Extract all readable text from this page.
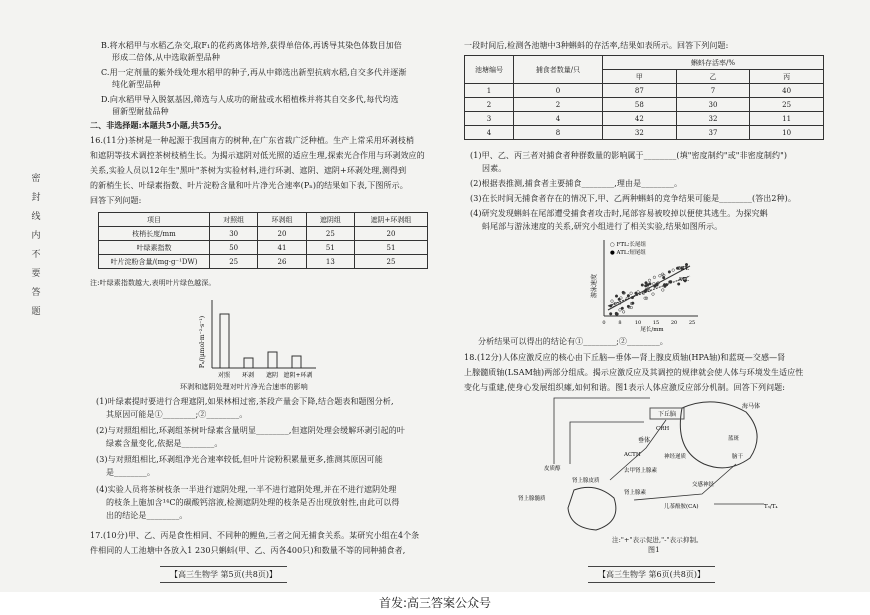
B.将水稻甲与水稻乙杂交,取F₁的花药离体培养,获得单倍体,再诱导其染色体数目加倍
形成二倍体,从中选取新型品种
C.用一定剂量的紫外线处理水稻甲的种子,再从中筛选出新型抗病水稻,自交多代并逐渐
纯化新型品种
D.向水稻甲导入脱氨基因,筛选与人成功的耐盐或水稻植株并将其自交多代,每代均选
留新型耐盐品种
二、非选择题:本题共5小题,共55分。
16.(11分)茶树是一种起源于我国南方的树种,在广东省栽广泛种植。生产上常采用环剥枝梢
和遮阴等技术调控茶树枝梢生长。为揭示遮阴对低光照的适应生理,探索光合作用与环剥效应的
关系,实验人员以12年生"黑叶"茶树为实验材料,进行环剥、遮阴、遮阴+环剥处理,测得到
的新梢生长、叶绿素指数、叶片淀粉含量和叶片净光合速率(Pₙ)的结果如下表,下图所示。
回答下列问题:
项目	对照组	环剥组	遮阴组	遮阴+环剥组
枝梢长度/mm	30	20	25	20
叶绿素指数	50	41	51	51
叶片淀粉含量/(mg·g⁻¹DW)	25	26	13	25
注:叶绿素指数越大,表明叶片绿色越深。
Pₙ/(μmol·m⁻²·s⁻¹)
对照 环剥 遮阴 遮阴+环剥
环剥和遮阴处理对叶片净光合速率的影响
(1)叶绿素提时要进行合理遮阴,如果林相过密,茶段产量会下降,结合题表和题图分析,
其原因可能是①________;②________。
(2)与对照组相比,环剥组茶树叶绿素含量明显________,但遮阴处理会缓解环剥引起的叶
绿素含量变化,依据是________。
(3)与对照组相比,环剥组净光合速率较低,但叶片淀粉积累量更多,推测其原因可能
是________。
(4)实验人员将茶树枝条一半进行遮阴处理,一半不进行遮阴处理,并在不进行遮阴处理
的枝条上施加含¹⁴C的碳酸钙溶液,检测遮阴处理的枝条是否出现放射性,由此可以得
出的结论是________。
17.(10分)甲、乙、丙是食性相同、不同种的鲤鱼,三者之间无捕食关系。某研究小组在4个条
件相同的人工池塘中各放入1 230只蝌蚪(甲、乙、丙各400只)和数量不等的同种捕食者,
【高三生物学 第5页(共8页)】
密封线内不要答题
一段时间后,检测各池塘中3种蝌蚪的存活率,结果如表所示。回答下列问题:
池塘编号	捕食者数量/只	蝌蚪存活率/%		
		甲	乙	丙
1	0	87	7	40
2	2	58	30	25
3	4	42	32	11
4	8	32	37	10
(1)甲、乙、丙三者对捕食者种群数量的影响属于________(填"密度制约"或"非密度制约")
因素。
(2)根据表推测,捕食者主要捕食________,理由是________。
(3)在长时间无捕食者存在的情况下,甲、乙两种蝌蚪的竞争结果可能是________(答出2种)。
(4)研究发现蝌蚪在尾部遭受捕食者攻击时,尾部容易被咬掉以便使其逃生。为探究蝌
蚪尾部与游泳速度的关系,研究小组进行了相关实验,结果如图所示。
游泳速度
○ FTL:长尾组
● ATL:短尾组
FTL
ATL
0	8	10 15 20 25
尾长/mm
分析结果可以得出的结论有①________;②________。
18.(12分)人体应激反应的核心由下丘脑—垂体—肾上腺皮质轴(HPA轴)和蓝斑—交感—肾
上腺髓质轴(LSAM轴)两部分组成。揭示应激反应及其调控的规律就会使人体与环境发生适应性
变化与重建,使身心发展组织瘫,如何和谐。图1表示人体应激反应部分机制。回答下列问题:
下丘脑
垂体
海马体
CRH
ACTH
肾上腺皮质
肾上腺髓质
皮质醇	去甲肾上腺素
肾上腺素
儿茶酚胺(CA)
交感神经
T₃/T₄
蓝斑
脑干
神经递质
注:"+"表示促进,"-"表示抑制。
图1
【高三生物学 第6页(共8页)】
首发:高三答案公众号
